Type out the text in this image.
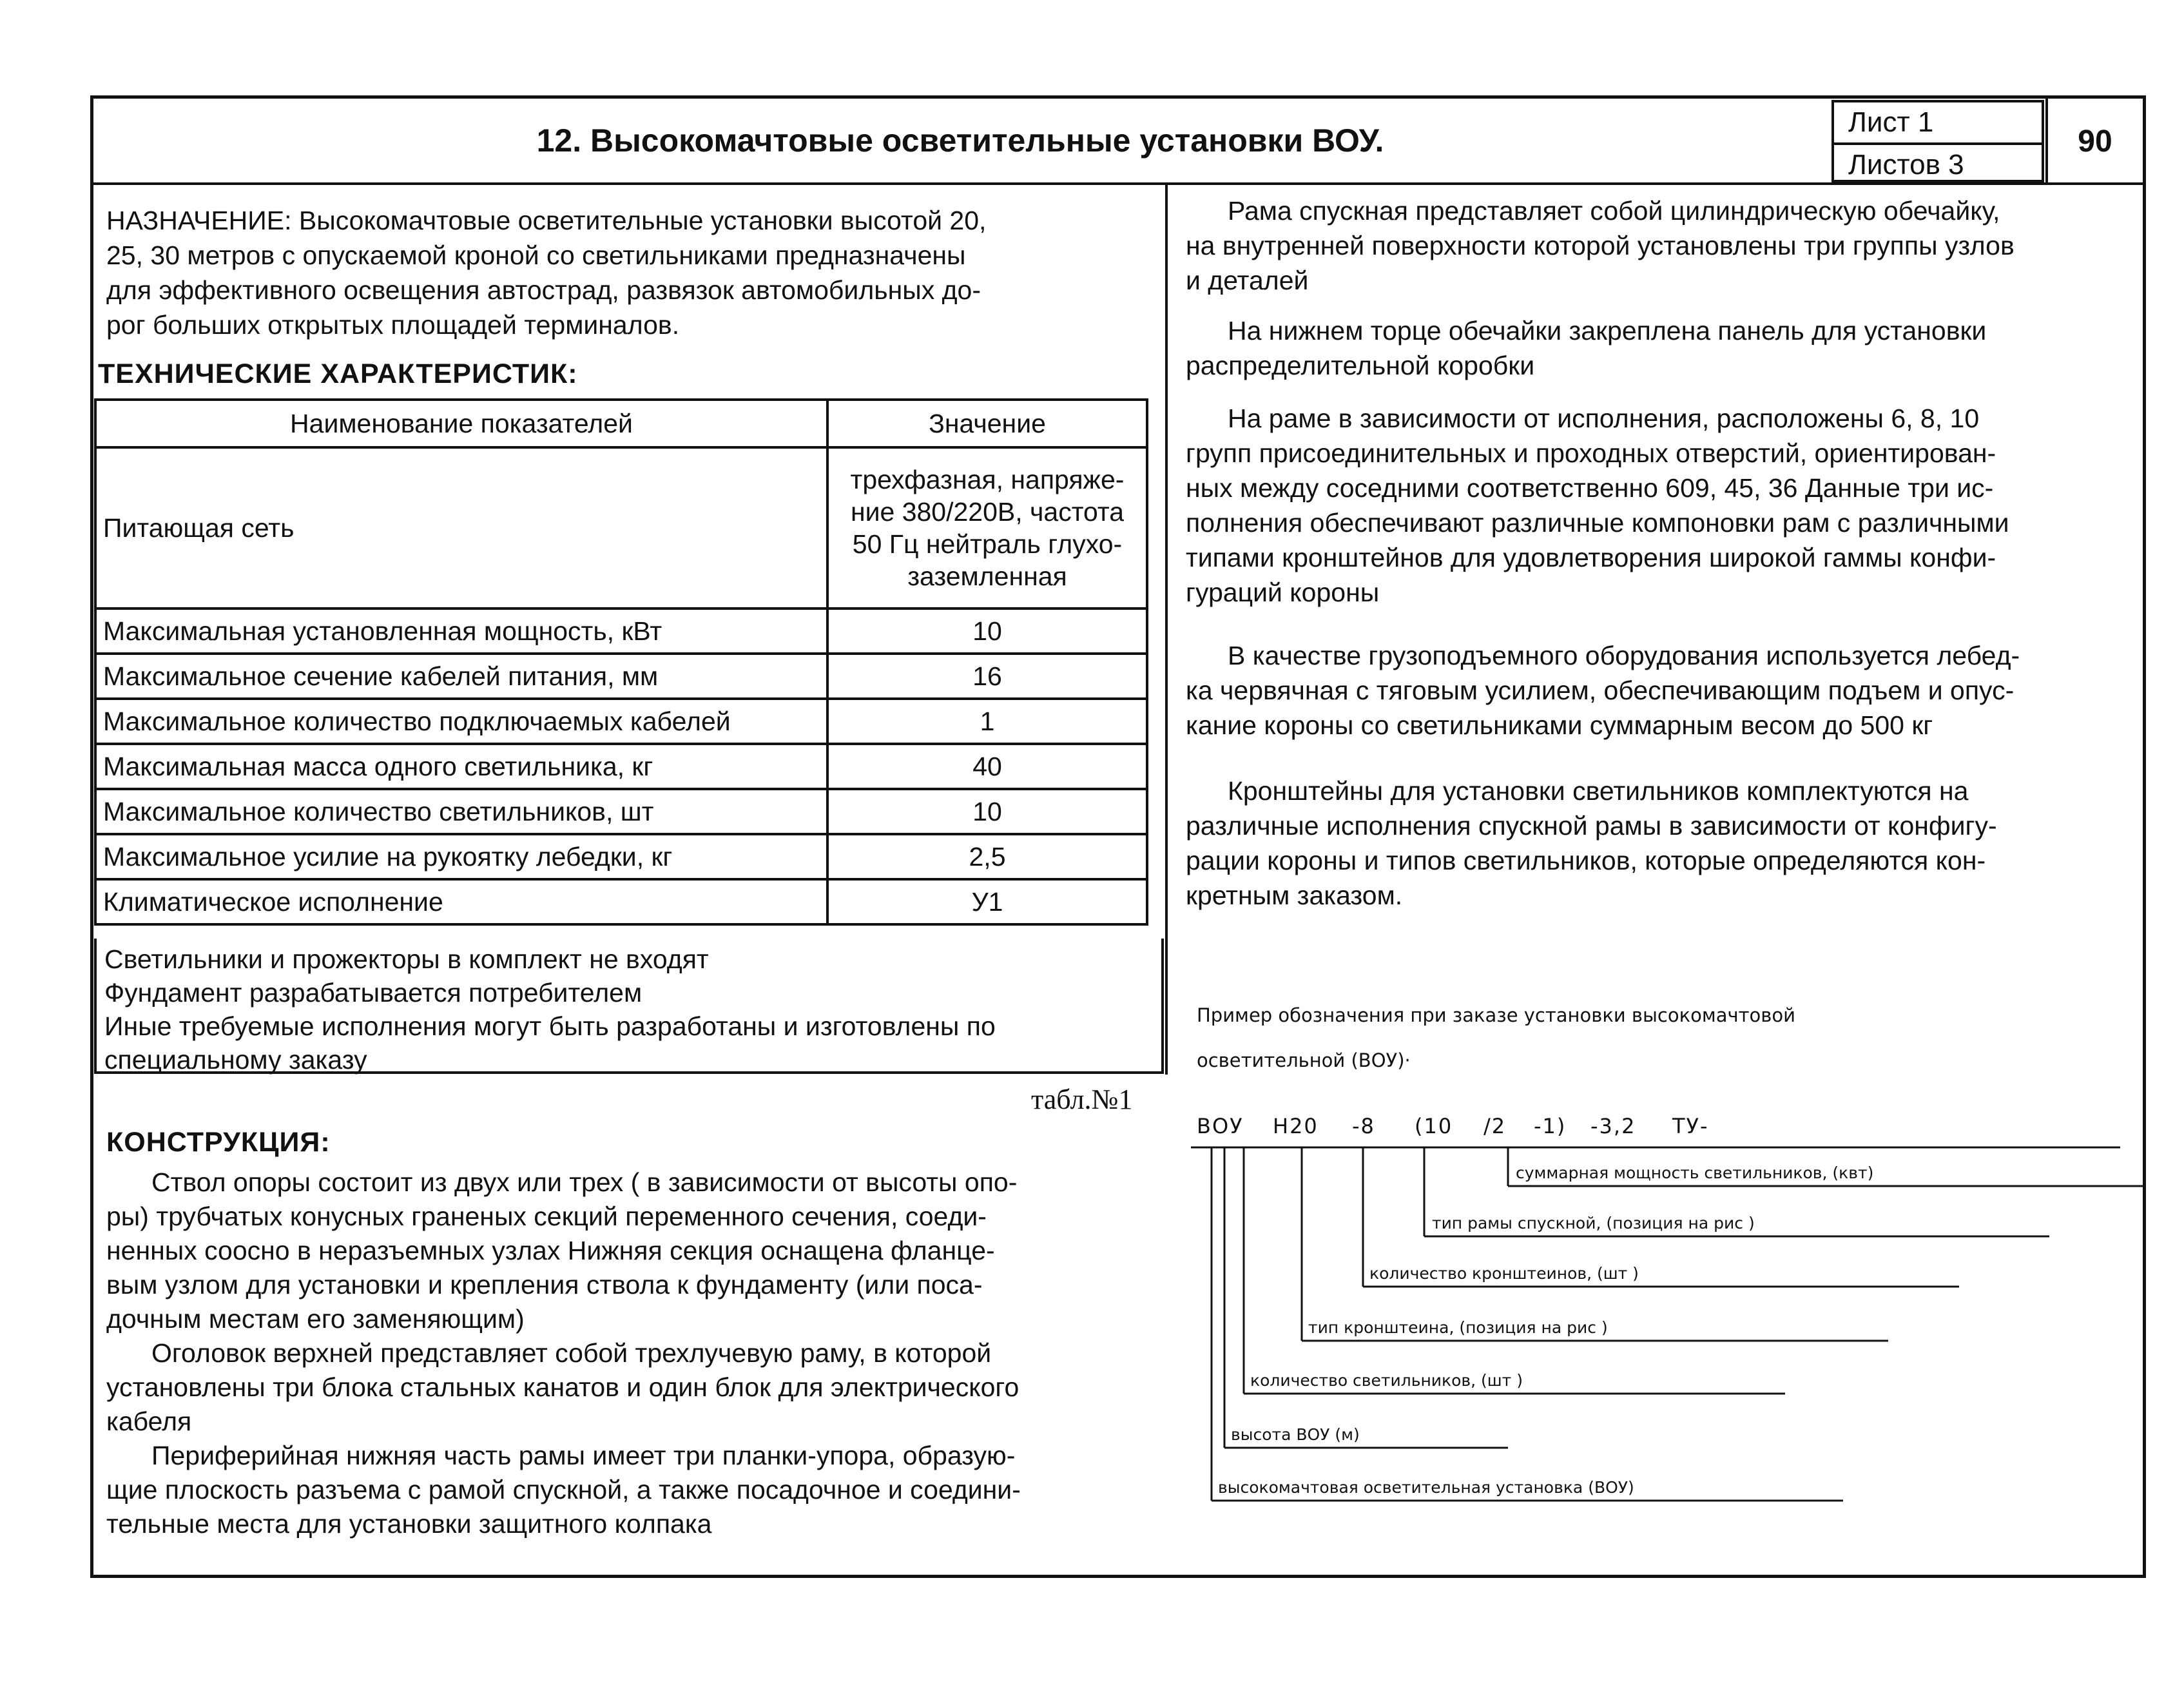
12. Высокомачтовые осветительные установки ВОУ.
Лист 1
Листов 3
90
НАЗНАЧЕНИЕ: Высокомачтовые осветительные установки высотой 20,
25, 30 метров с опускаемой кроной со светильниками предназначены
для эффективного освещения автострад, развязок автомобильных до-
рог больших открытых площадей терминалов.
ТЕХНИЧЕСКИЕ ХАРАКТЕРИСТИК:
Наименование показателей	Значение
Питающая сеть	трехфазная, напряже-
ние 380/220В, частота
50 Гц нейтраль глухо-
заземленная

Максимальная установленная мощность, кВт	10
Максимальное сечение кабелей питания, мм	16
Максимальное количество подключаемых кабелей	1
Максимальная масса одного светильника, кг	40
Максимальное количество светильников, шт	10
Максимальное усилие на рукоятку лебедки, кг	2,5
Климатическое исполнение	У1
Светильники и прожекторы в комплект не входят
Фундамент разрабатывается потребителем
Иные требуемые исполнения могут быть разработаны и изготовлены по
специальному заказу
табл.№1
КОНСТРУКЦИЯ:
Ствол опоры состоит из двух или трех ( в зависимости от высоты опо-
ры) трубчатых конусных граненых секций переменного сечения, соеди-
ненных соосно в неразъемных узлах Нижняя секция оснащена фланце-
вым узлом для установки и крепления ствола к фундаменту (или поса-
дочным местам его заменяющим)
Оголовок верхней представляет собой трехлучевую раму, в которой
установлены три блока стальных канатов и один блок для электрического
кабеля
Периферийная нижняя часть рамы имеет три планки-упора, образую-
щие плоскость разъема с рамой спускной, а также посадочное и соедини-
тельные места для установки защитного колпака
Рама спускная представляет собой цилиндрическую обечайку,
на внутренней поверхности которой установлены три группы узлов
и деталей
На нижнем торце обечайки закреплена панель для установки
распределительной коробки
На раме в зависимости от исполнения, расположены 6, 8, 10
групп присоединительных и проходных отверстий, ориентирован-
ных между соседними соответственно 609, 45, 36 Данные три ис-
полнения обеспечивают различные компоновки рам с различными
типами кронштейнов для удовлетворения широкой гаммы конфи-
гураций короны
В качестве грузоподъемного оборудования используется лебед-
ка червячная с тяговым усилием, обеспечивающим подъем и опус-
кание короны со светильниками суммарным весом до 500 кг
Кронштейны для установки светильников комплектуются на
различные исполнения спускной рамы в зависимости от конфигу-
рации короны и типов светильников, которые определяются кон-
кретным заказом.
Пример обозначения при заказе установки высокомачтовой
осветительной (ВОУ)·
ВОУ Н20 -8 (10 /2 -1) -3,2 ТУ-
суммарная мощность светильников, (квт)
тип рамы спускной, (позиция на рис )
количество кронштеинов, (шт )
тип кронштеина, (позиция на рис )
количество светильников, (шт )
высота ВОУ (м)
высокомачтовая осветительная установка (ВОУ)
